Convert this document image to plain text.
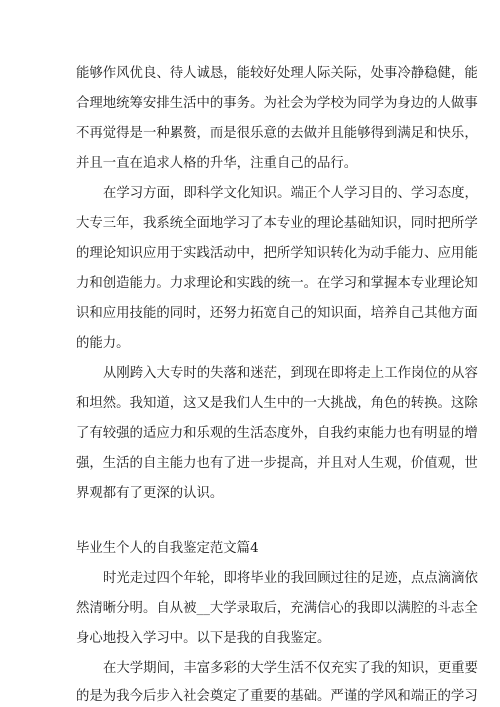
能够作风优良、待人诚恳，能较好处理人际关际，处事冷静稳健，能
合理地统筹安排生活中的事务。为社会为学校为同学为身边的人做事
不再觉得是一种累赘，而是很乐意的去做并且能够得到满足和快乐，
并且一直在追求人格的升华，注重自己的品行。
在学习方面，即科学文化知识。端正个人学习目的、学习态度，
大专三年，我系统全面地学习了本专业的理论基础知识，同时把所学
的理论知识应用于实践活动中，把所学知识转化为动手能力、应用能
力和创造能力。力求理论和实践的统一。在学习和掌握本专业理论知
识和应用技能的同时，还努力拓宽自己的知识面，培养自己其他方面
的能力。
从刚跨入大专时的失落和迷茫，到现在即将走上工作岗位的从容
和坦然。我知道，这又是我们人生中的一大挑战，角色的转换。这除
了有较强的适应力和乐观的生活态度外，自我约束能力也有明显的增
强，生活的自主能力也有了进一步提高，并且对人生观，价值观，世
界观都有了更深的认识。
毕业生个人的自我鉴定范文篇4
时光走过四个年轮，即将毕业的我回顾过往的足迹，点点滴滴依
然清晰分明。自从被__大学录取后，充满信心的我即以满腔的斗志全
身心地投入学习中。以下是我的自我鉴定。
在大学期间，丰富多彩的大学生活不仅充实了我的知识，更重要
的是为我今后步入社会奠定了重要的基础。严谨的学风和端正的学习
